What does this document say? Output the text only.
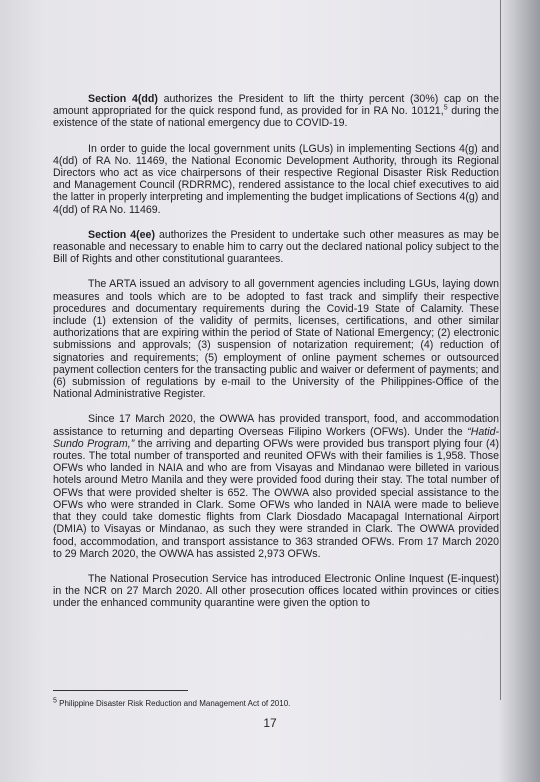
Section 4(dd) authorizes the President to lift the thirty percent (30%) cap on the amount appropriated for the quick respond fund, as provided for in RA No. 10121,$^5$ during the existence of the state of national emergency due to COVID-19.

In order to guide the local government units (LGUs) in implementing Sections 4(g) and 4(dd) of RA No. 11469, the National Economic Development Authority, through its Regional Directors who act as vice chairpersons of their respective Regional Disaster Risk Reduction and Management Council (RDRRMC), rendered assistance to the local chief executives to aid the latter in properly interpreting and implementing the budget implications of Sections 4(g) and 4(dd) of RA No. 11469.

Section 4(ee) authorizes the President to undertake such other measures as may be reasonable and necessary to enable him to carry out the declared national policy subject to the Bill of Rights and other constitutional guarantees.

The ARTA issued an advisory to all government agencies including LGUs, laying down measures and tools which are to be adopted to fast track and simplify their respective procedures and documentary requirements during the Covid-19 State of Calamity. These include (1) extension of the validity of permits, licenses, certifications, and other similar authorizations that are expiring within the period of State of National Emergency; (2) electronic submissions and approvals; (3) suspension of notarization requirement; (4) reduction of signatories and requirements; (5) employment of online payment schemes or outsourced payment collection centers for the transacting public and waiver or deferment of payments; and (6) submission of regulations by e-mail to the University of the Philippines-Office of the National Administrative Register.

Since 17 March 2020, the OWWA has provided transport, food, and accommodation assistance to returning and departing Overseas Filipino Workers (OFWs). Under the “Hatid-Sundo Program,” the arriving and departing OFWs were provided bus transport plying four (4) routes. The total number of transported and reunited OFWs with their families is 1,958. Those OFWs who landed in NAIA and who are from Visayas and Mindanao were billeted in various hotels around Metro Manila and they were provided food during their stay. The total number of OFWs that were provided shelter is 652. The OWWA also provided special assistance to the OFWs who were stranded in Clark. Some OFWs who landed in NAIA were made to believe that they could take domestic flights from Clark Diosdado Macapagal International Airport (DMIA) to Visayas or Mindanao, as such they were stranded in Clark. The OWWA provided food, accommodation, and transport assistance to 363 stranded OFWs. From 17 March 2020 to 29 March 2020, the OWWA has assisted 2,973 OFWs.

The National Prosecution Service has introduced Electronic Online Inquest (E-inquest) in the NCR on 27 March 2020. All other prosecution offices located within provinces or cities under the enhanced community quarantine were given the option to

$^5$ Philippine Disaster Risk Reduction and Management Act of 2010.
17
